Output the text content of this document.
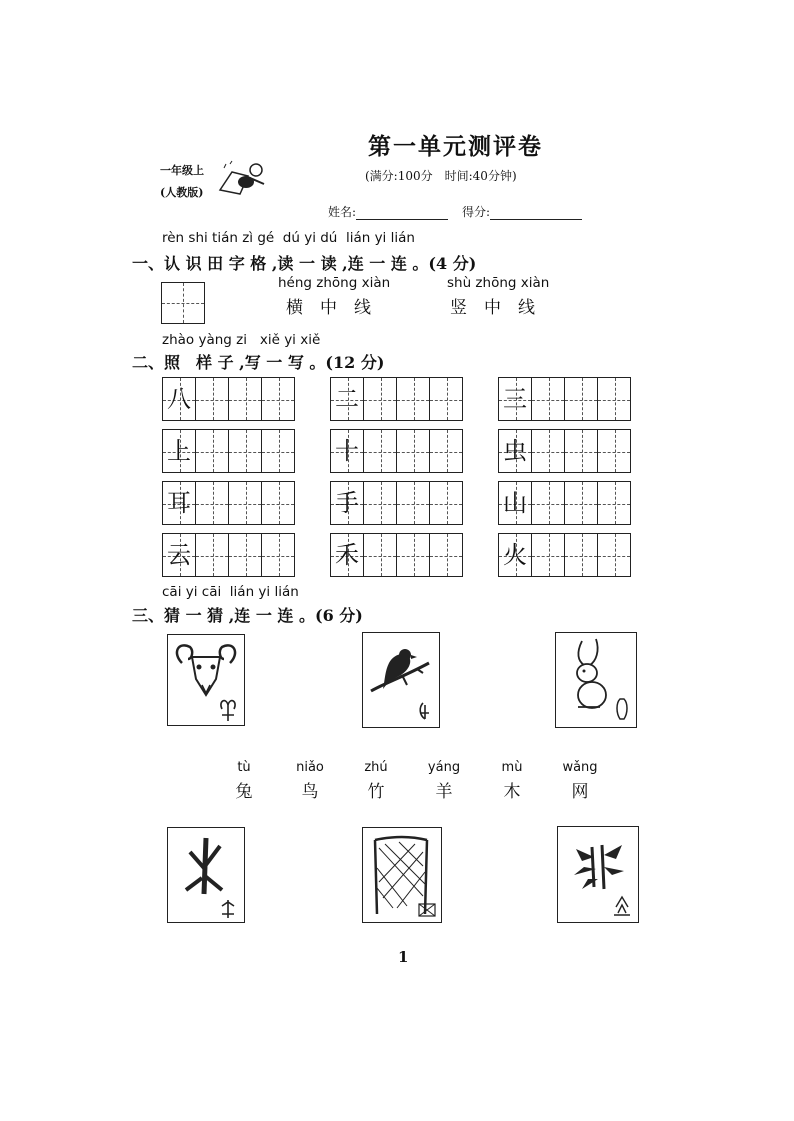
第一单元测评卷
(满分:100分　时间:40分钟)
一年级上
(人教版)
姓名:	得分:
rèn shi tián zì gé  dú yi dú  lián yi lián
一、认 识 田 字 格 ,读 一 读 ,连 一 连 。(4 分)
héng zhōng xiàn
横　中　线
shù zhōng xiàn
竖　中　线
zhào yàng zi   xiě yi xiě
二、照　样 子 ,写 一 写 。(12 分)
八	二	三
上	十	虫
耳	手	山
云	禾	火
cāi yi cāi  lián yi lián
三、猜 一 猜 ,连 一 连 。(6 分)
tù
兔
niǎo
鸟
zhú
竹
yáng
羊
mù
木
wǎng
网
1
